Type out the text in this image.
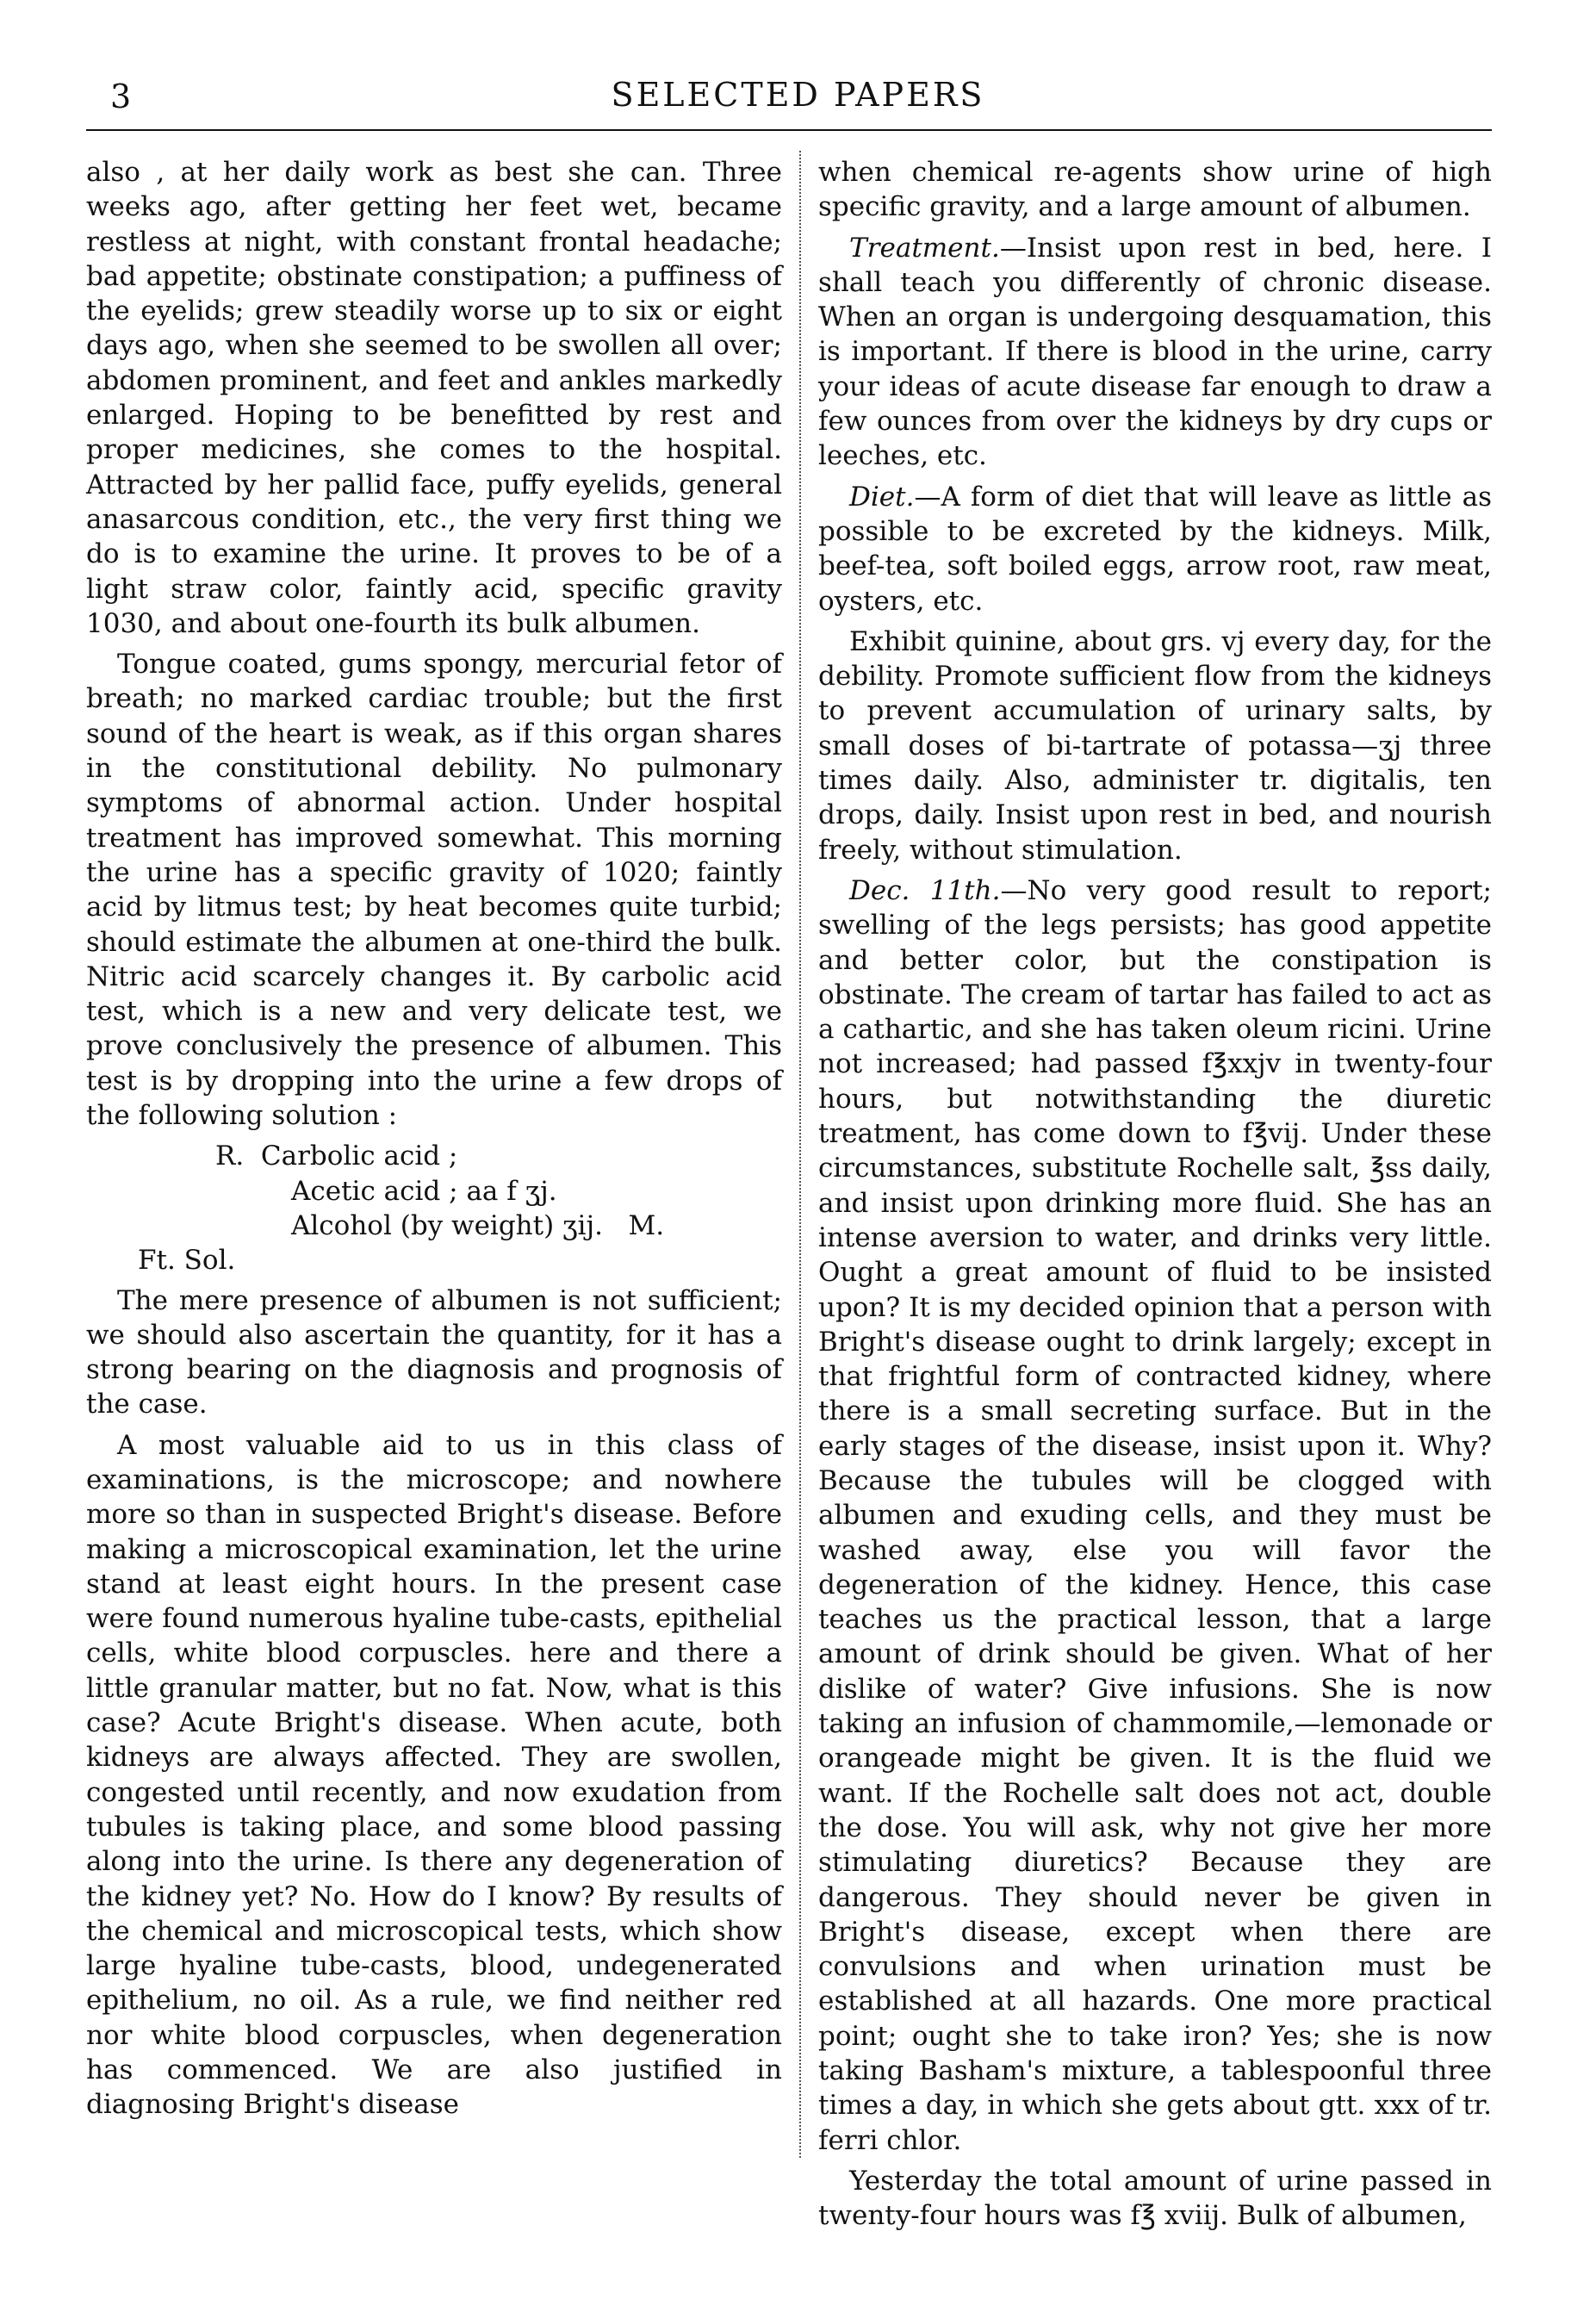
3	SELECTED PAPERS

also , at her daily work as best she can. Three weeks ago, after getting her feet wet, became restless at night, with constant frontal headache; bad appetite; obstinate constipation; a puffiness of the eyelids; grew steadily worse up to six or eight days ago, when she seemed to be swollen all over; abdomen prominent, and feet and ankles markedly enlarged. Hoping to be benefitted by rest and proper medicines, she comes to the hospital. Attracted by her pallid face, puffy eyelids, general anasarcous condition, etc., the very first thing we do is to examine the urine. It proves to be of a light straw color, faintly acid, specific gravity 1030, and about one-fourth its bulk albumen.

Tongue coated, gums spongy, mercurial fetor of breath; no marked cardiac trouble; but the first sound of the heart is weak, as if this organ shares in the constitutional debility. No pulmonary symptoms of abnormal action. Under hospital treatment has improved somewhat. This morning the urine has a specific gravity of 1020; faintly acid by litmus test; by heat becomes quite turbid; should estimate the albumen at one-third the bulk. Nitric acid scarcely changes it. By carbolic acid test, which is a new and very delicate test, we prove conclusively the presence of albumen. This test is by dropping into the urine a few drops of the following solution :

R.  Carbolic acid ;
Acetic acid ; aa f ʒj.
Alcohol (by weight) ʒij.   M.
Ft. Sol.

The mere presence of albumen is not sufficient; we should also ascertain the quantity, for it has a strong bearing on the diagnosis and prognosis of the case.

A most valuable aid to us in this class of examinations, is the microscope; and nowhere more so than in suspected Bright's disease. Before making a microscopical examination, let the urine stand at least eight hours. In the present case were found numerous hyaline tube-casts, epithelial cells, white blood corpuscles. here and there a little granular matter, but no fat. Now, what is this case? Acute Bright's disease. When acute, both kidneys are always affected. They are swollen, congested until recently, and now exudation from tubules is taking place, and some blood passing along into the urine. Is there any degeneration of the kidney yet? No. How do I know? By results of the chemical and microscopical tests, which show large hyaline tube-casts, blood, undegenerated epithelium, no oil. As a rule, we find neither red nor white blood corpuscles, when degeneration has commenced. We are also justified in diagnosing Bright's disease

when chemical re-agents show urine of high specific gravity, and a large amount of albumen.

Treatment.—Insist upon rest in bed, here. I shall teach you differently of chronic disease. When an organ is undergoing desquamation, this is important. If there is blood in the urine, carry your ideas of acute disease far enough to draw a few ounces from over the kidneys by dry cups or leeches, etc.

Diet.—A form of diet that will leave as little as possible to be excreted by the kidneys. Milk, beef-tea, soft boiled eggs, arrow root, raw meat, oysters, etc.

Exhibit quinine, about grs. vj every day, for the debility. Promote sufficient flow from the kidneys to prevent accumulation of urinary salts, by small doses of bi-tartrate of potassa—ʒj three times daily. Also, administer tr. digitalis, ten drops, daily. Insist upon rest in bed, and nourish freely, without stimulation.

Dec. 11th.—No very good result to report; swelling of the legs persists; has good appetite and better color, but the constipation is obstinate. The cream of tartar has failed to act as a cathartic, and she has taken oleum ricini. Urine not increased; had passed f℥xxjv in twenty-four hours, but notwithstanding the diuretic treatment, has come down to f℥vij. Under these circumstances, substitute Rochelle salt, ℥ss daily, and insist upon drinking more fluid. She has an intense aversion to water, and drinks very little. Ought a great amount of fluid to be insisted upon? It is my decided opinion that a person with Bright's disease ought to drink largely; except in that frightful form of contracted kidney, where there is a small secreting surface. But in the early stages of the disease, insist upon it. Why? Because the tubules will be clogged with albumen and exuding cells, and they must be washed away, else you will favor the degeneration of the kidney. Hence, this case teaches us the practical lesson, that a large amount of drink should be given. What of her dislike of water? Give infusions. She is now taking an infusion of chammomile,—lemonade or orangeade might be given. It is the fluid we want. If the Rochelle salt does not act, double the dose. You will ask, why not give her more stimulating diuretics? Because they are dangerous. They should never be given in Bright's disease, except when there are convulsions and when urination must be established at all hazards. One more practical point; ought she to take iron? Yes; she is now taking Basham's mixture, a tablespoonful three times a day, in which she gets about gtt. xxx of tr. ferri chlor.

Yesterday the total amount of urine passed in twenty-four hours was f℥ xviij. Bulk of albumen,
